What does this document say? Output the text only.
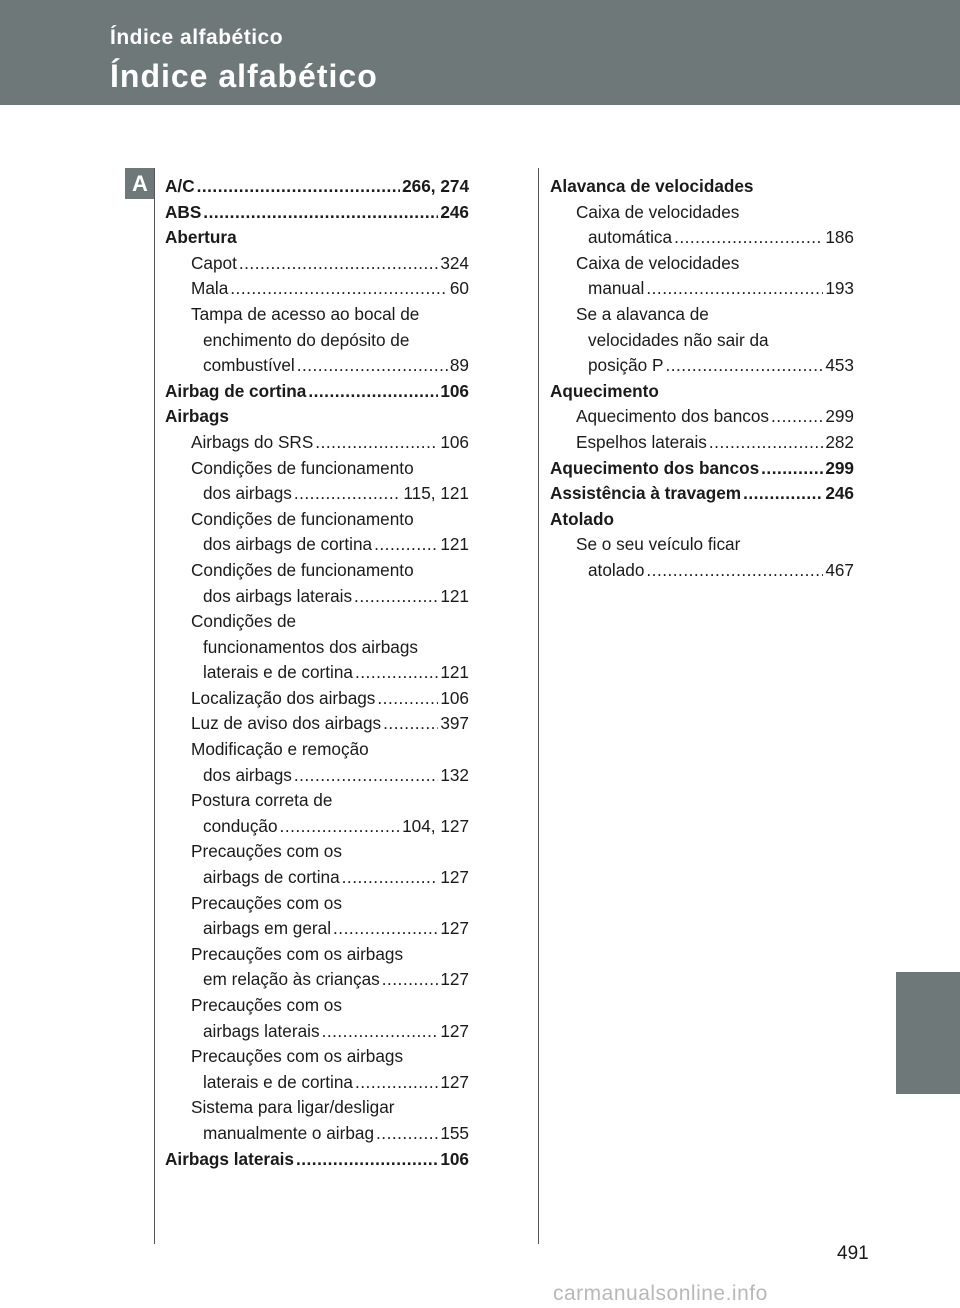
Índice alfabético
Índice alfabético
A A/C .....	266, 274
ABS .....	246
Abertura
Capot .....	324
Mala .....	60
Tampa de acesso ao bocal de
enchimento do depósito de
combustível .....	89
Airbag de cortina .....	106
Airbags
Airbags do SRS .....	106
Condições de funcionamento
dos airbags .....	115, 121
Condições de funcionamento
dos airbags de cortina .....	121
Condições de funcionamento
dos airbags laterais .....	121
Condições de
funcionamentos dos airbags
laterais e de cortina .....	121
Localização dos airbags .....	106
Luz de aviso dos airbags .....	397
Modificação e remoção
dos airbags .....	132
Postura correta de
condução .....	104, 127
Precauções com os
airbags de cortina .....	127
Precauções com os
airbags em geral .....	127
Precauções com os airbags
em relação às crianças .....	127
Precauções com os
airbags laterais .....	127
Precauções com os airbags
laterais e de cortina .....	127
Sistema para ligar/desligar
manualmente o airbag .....	155
Airbags laterais .....	106
Alavanca de velocidades
Caixa de velocidades
automática .....	186
Caixa de velocidades
manual .....	193
Se a alavanca de
velocidades não sair da
posição P .....	453
Aquecimento
Aquecimento dos bancos .....	299
Espelhos laterais .....	282
Aquecimento dos bancos .....	299
Assistência à travagem .....	246
Atolado
Se o seu veículo ficar
atolado .....	467
491
carmanualsonline.info
